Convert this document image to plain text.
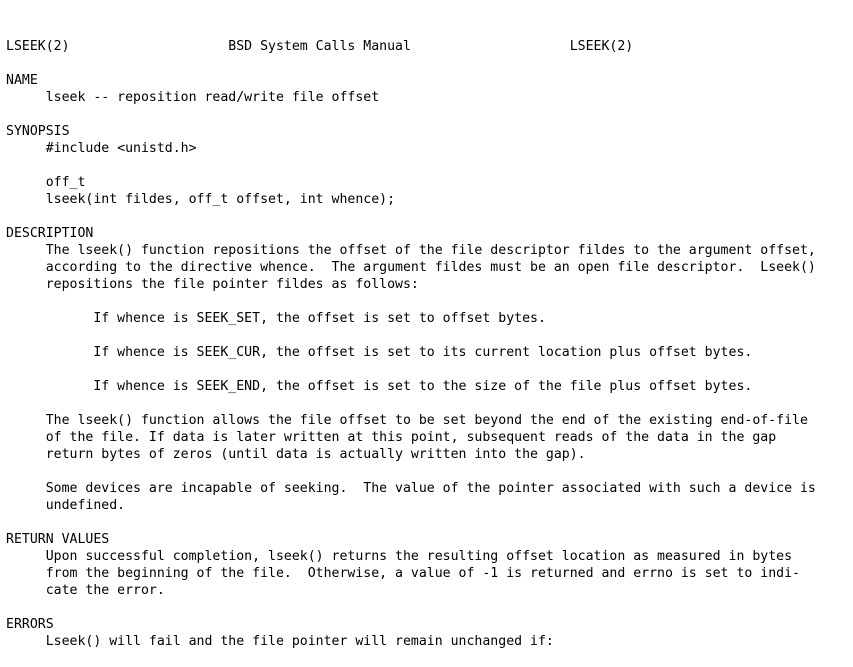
LSEEK(2)                    BSD System Calls Manual                    LSEEK(2)

NAME
lseek -- reposition read/write file offset

SYNOPSIS
#include <unistd.h>

off_t
lseek(int fildes, off_t offset, int whence);

DESCRIPTION
The lseek() function repositions the offset of the file descriptor fildes to the argument offset,
according to the directive whence.  The argument fildes must be an open file descriptor.  Lseek()
repositions the file pointer fildes as follows:

If whence is SEEK_SET, the offset is set to offset bytes.

If whence is SEEK_CUR, the offset is set to its current location plus offset bytes.

If whence is SEEK_END, the offset is set to the size of the file plus offset bytes.

The lseek() function allows the file offset to be set beyond the end of the existing end-of-file
of the file. If data is later written at this point, subsequent reads of the data in the gap
return bytes of zeros (until data is actually written into the gap).

Some devices are incapable of seeking.  The value of the pointer associated with such a device is
undefined.

RETURN VALUES
Upon successful completion, lseek() returns the resulting offset location as measured in bytes
from the beginning of the file.  Otherwise, a value of -1 is returned and errno is set to indi-
cate the error.

ERRORS
Lseek() will fail and the file pointer will remain unchanged if:
